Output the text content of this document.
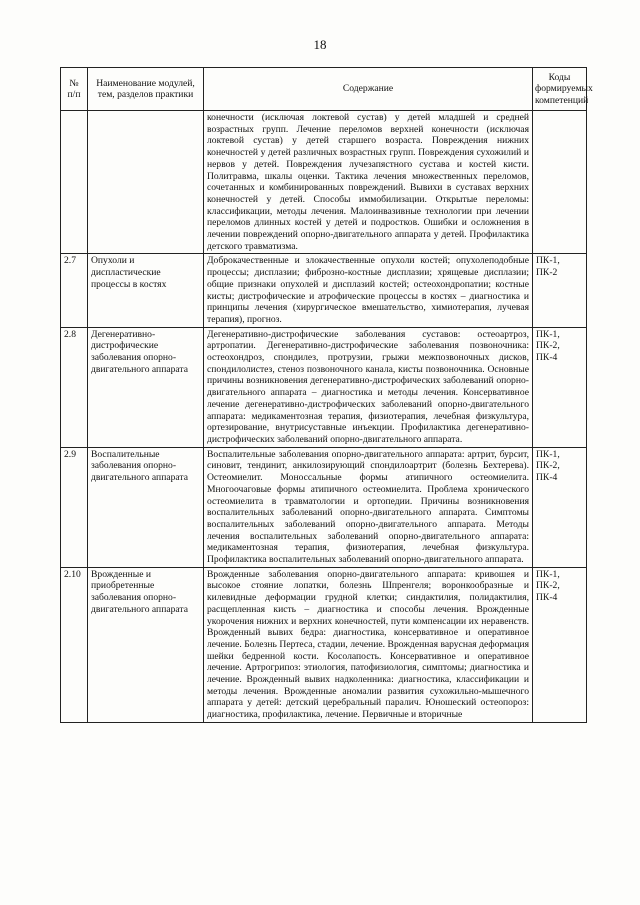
18
№
п/п	Наименование модулей, тем, разделов практики	Содержание	Коды формируемых компетенций
		конечности (исключая локтевой сустав) у детей младшей и средней возрастных групп. Лечение переломов верхней конечности (исключая локтевой сустав) у детей старшего возраста. Повреждения нижних конечностей у детей различных возрастных групп. Повреждения сухожилий и нервов у детей. Повреждения лучезапястного сустава и костей кисти. Политравма, шкалы оценки. Тактика лечения множественных переломов, сочетанных и комбинированных повреждений. Вывихи в суставах верхних конечностей у детей. Способы иммобилизации. Открытые переломы: классификации, методы лечения. Малоинвазивные технологии при лечении переломов длинных костей у детей и подростков. Ошибки и осложнения в лечении повреждений опорно-двигательного аппарата у детей. Профилактика детского травматизма.	
2.7	Опухоли и диспластические процессы в костях	Доброкачественные и злокачественные опухоли костей; опухолеподобные процессы; дисплазии; фиброзно-костные дисплазии; хрящевые дисплазии; общие признаки опухолей и дисплазий костей; остеохондропатии; костные кисты; дистрофические и атрофические процессы в костях – диагностика и принципы лечения (хирургическое вмешательство, химиотерапия, лучевая терапия), прогноз.	ПК-1, ПК-2
2.8	Дегенеративно-дистрофические заболевания опорно-двигательного аппарата	Дегенеративно-дистрофические заболевания суставов: остеоартроз, артропатии. Дегенеративно-дистрофические заболевания позвоночника: остеохондроз, спондилез, протрузии, грыжи межпозвоночных дисков, спондилолистез, стеноз позвоночного канала, кисты позвоночника. Основные причины возникновения дегенеративно-дистрофических заболеваний опорно-двигательного аппарата – диагностика и методы лечения. Консервативное лечение дегенеративно-дистрофических заболеваний опорно-двигательного аппарата: медикаментозная терапия, физиотерапия, лечебная физкультура, ортезирование, внутрисуставные инъекции. Профилактика дегенеративно-дистрофических заболеваний опорно-двигательного аппарата.	ПК-1, ПК-2, ПК-4
2.9	Воспалительные заболевания опорно-двигательного аппарата	Воспалительные заболевания опорно-двигательного аппарата: артрит, бурсит, синовит, тендинит, анкилозирующий спондилоартрит (болезнь Бехтерева). Остеомиелит. Моноссальные формы атипичного остеомиелита. Многоочаговые формы атипичного остеомиелита. Проблема хронического остеомиелита в травматологии и ортопедии. Причины возникновения воспалительных заболеваний опорно-двигательного аппарата. Симптомы воспалительных заболеваний опорно-двигательного аппарата. Методы лечения воспалительных заболеваний опорно-двигательного аппарата: медикаментозная терапия, физиотерапия, лечебная физкультура. Профилактика воспалительных заболеваний опорно-двигательного аппарата.	ПК-1, ПК-2, ПК-4
2.10	Врожденные и приобретенные заболевания опорно-двигательного аппарата	Врожденные заболевания опорно-двигательного аппарата: кривошея и высокое стояние лопатки, болезнь Шпренгеля; воронкообразные и килевидные деформации грудной клетки; синдактилия, полидактилия, расщепленная кисть – диагностика и способы лечения. Врожденные укорочения нижних и верхних конечностей, пути компенсации их неравенств. Врожденный вывих бедра: диагностика, консервативное и оперативное лечение. Болезнь Пертеса, стадии, лечение. Врожденная варусная деформация шейки бедренной кости. Косолапость. Консервативное и оперативное лечение. Артрогрипоз: этиология, патофизиология, симптомы; диагностика и лечение. Врожденный вывих надколенника: диагностика, классификации и методы лечения. Врожденные аномалии развития сухожильно-мышечного аппарата у детей: детский церебральный паралич. Юношеский остеопороз: диагностика, профилактика, лечение. Первичные и вторичные	ПК-1, ПК-2, ПК-4
